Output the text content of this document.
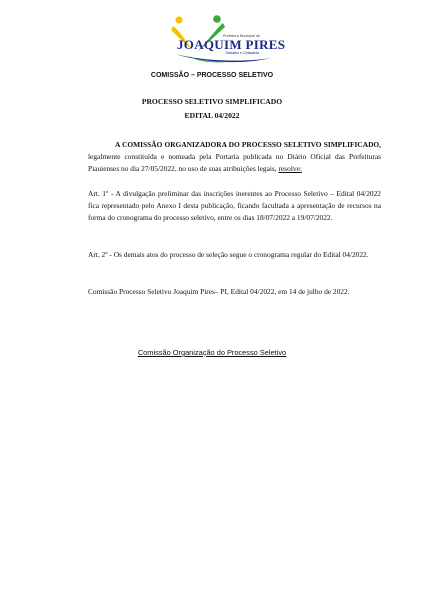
Prefeitura Municipal de
JOAQUIM PIRES
Trabalho e Cidadania
COMISSÃO – PROCESSO SELETIVO
PROCESSO SELETIVO SIMPLIFICADO
EDITAL 04/2022
A COMISSÃO ORGANIZADORA DO PROCESSO SELETIVO SIMPLIFICADO, legalmente constituída e nomeada pela Portaria publicada no Diário Oficial das Prefeituras Piauienses no dia 27/05/2022, no uso de suas atribuições legais, resolve:
Art. 1º - A divulgação preliminar das inscrições inerentes ao Processo Seletivo – Edital 04/2022 fica representado pelo Anexo I desta publicação, ficando facultada a apresentação de recursos na forma do cronograma do processo seletivo, entre os dias 18/07/2022 a 19/07/2022.
Art. 2º - Os demais atos do processo de seleção segue o cronograma regular do Edital 04/2022.
Comissão Processo Seletivo Joaquim Pires– PI, Edital 04/2022, em 14 de julho de 2022.
Comissão Organização do Processo Seletivo
